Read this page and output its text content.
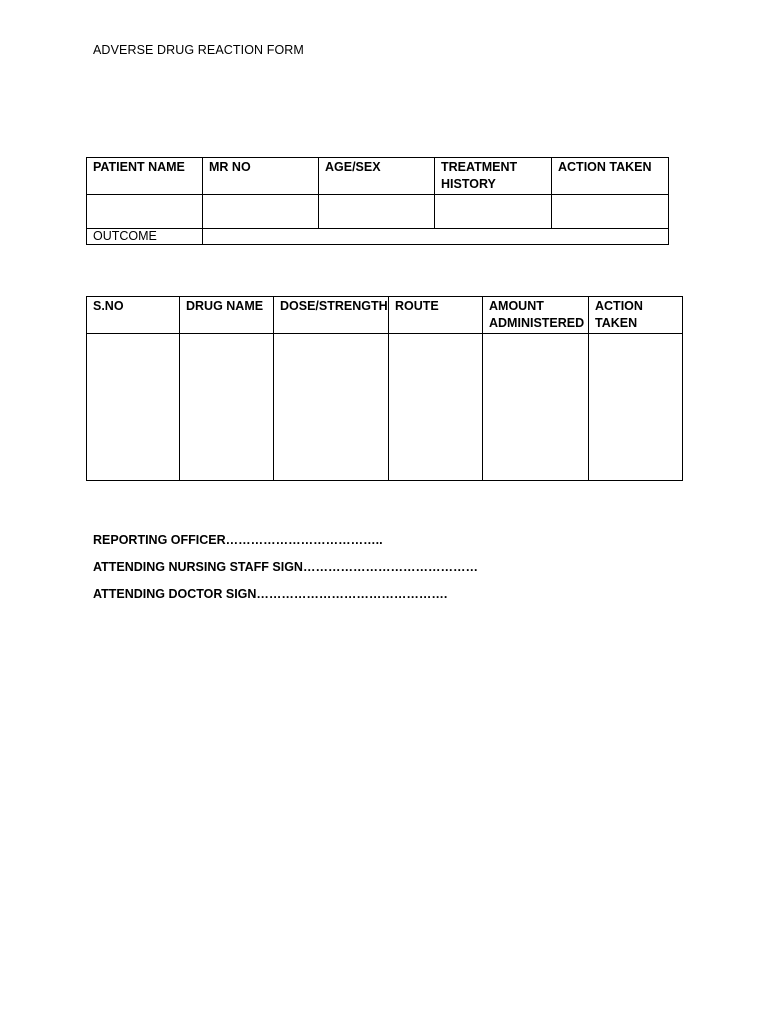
ADVERSE DRUG REACTION FORM
PATIENT NAME	MR NO	AGE/SEX	TREATMENT HISTORY	ACTION TAKEN

OUTCOME				
S.NO	DRUG NAME	DOSE/STRENGTH	ROUTE	AMOUNT ADMINISTERED	ACTION TAKEN

REPORTING OFFICER………………………………..
ATTENDING NURSING STAFF SIGN……………………………………
ATTENDING DOCTOR SIGN……………………………………….
